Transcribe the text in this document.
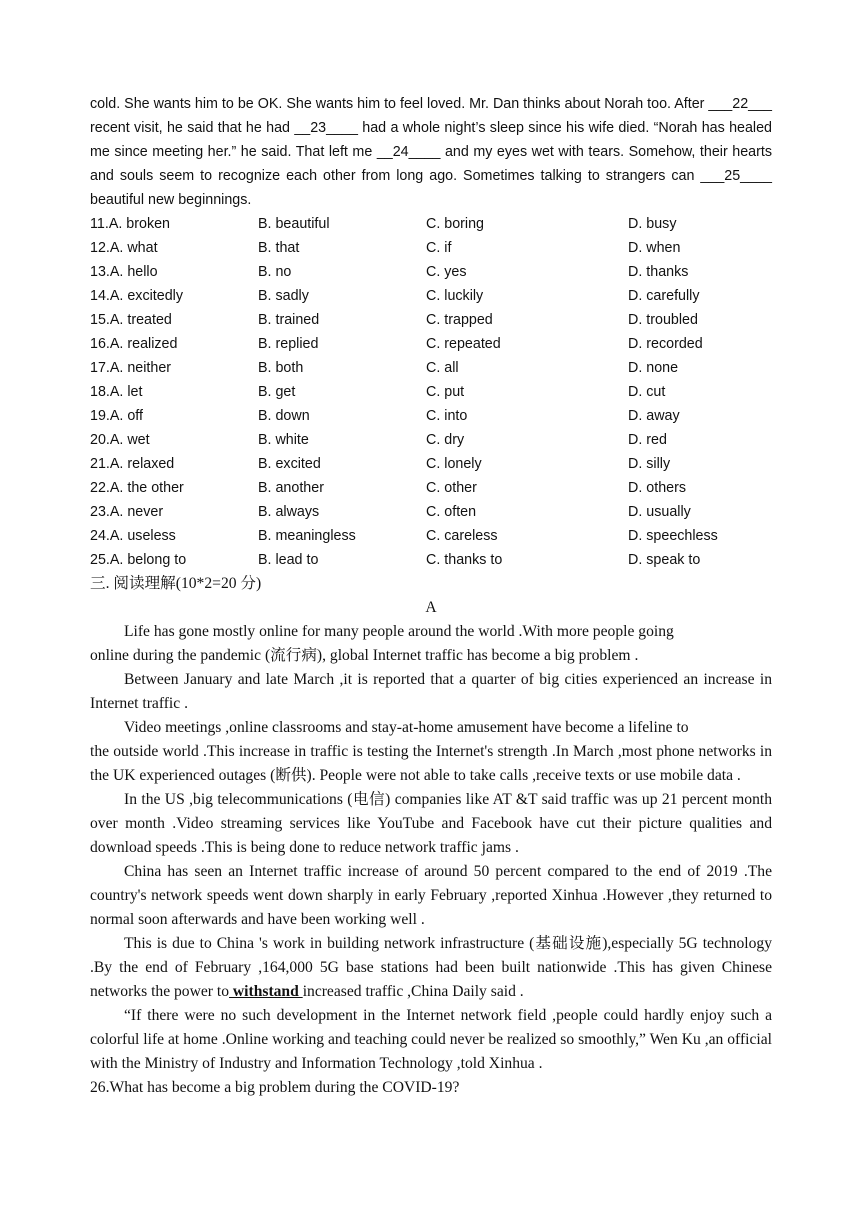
cold. She wants him to be OK. She wants him to feel loved. Mr. Dan thinks about Norah too. After ___22___ recent visit, he said that he had __23____ had a whole night’s sleep since his wife died. “Norah has healed me since meeting her.” he said. That left me __24____ and my eyes wet with tears. Somehow, their hearts and souls seem to recognize each other from long ago. Sometimes talking to strangers can ___25____ beautiful new beginnings.

11.A. broken	B. beautiful	C. boring	D. busy
12.A. what	B. that	C. if	D. when
13.A. hello	B. no	C. yes	D. thanks
14.A. excitedly	B. sadly	C. luckily	D. carefully
15.A. treated	B. trained	C. trapped	D. troubled
16.A. realized	B. replied	C. repeated	D. recorded
17.A. neither	B. both	C. all	D. none
18.A. let	B. get	C. put	D. cut
19.A. off	B. down	C. into	D. away
20.A. wet	B. white	C. dry	D. red
21.A. relaxed	B. excited	C. lonely	D. silly
22.A. the other	B. another	C. other	D. others
23.A. never	B. always	C. often	D. usually
24.A. useless	B. meaningless	C. careless	D. speechless
25.A. belong to	B. lead to	C. thanks to	D. speak to

三. 阅读理解(10*2=20 分)

A

Life has gone mostly online for many people around the world .With more people going

online during the pandemic (流行病), global Internet traffic has become a big problem .

Between January and late March ,it is reported that a quarter of big cities experienced an increase in Internet traffic .

Video meetings ,online classrooms and stay-at-home amusement have become a lifeline to

the outside world .This increase in traffic is testing the Internet's strength .In March ,most phone networks in the UK experienced outages (断供). People were not able to take calls ,receive texts or use mobile data .

In the US ,big telecommunications (电信) companies like AT &T said traffic was up 21 percent month over month .Video streaming services like YouTube and Facebook have cut their picture qualities and download speeds .This is being done to reduce network traffic jams .

China has seen an Internet traffic increase of around 50 percent compared to the end of 2019 .The country's network speeds went down sharply in early February ,reported Xinhua .However ,they returned to normal soon afterwards and have been working well .

This is due to China 's work in building network infrastructure (基础设施),especially 5G technology .By the end of February ,164,000 5G base stations had been built nationwide .This has given Chinese networks the power to withstand increased traffic ,China Daily said .

“If there were no such development in the Internet network field ,people could hardly enjoy such a colorful life at home .Online working and teaching could never be realized so smoothly,” Wen Ku ,an official with the Ministry of Industry and Information Technology ,told Xinhua .

26.What has become a big problem during the COVID-19?
